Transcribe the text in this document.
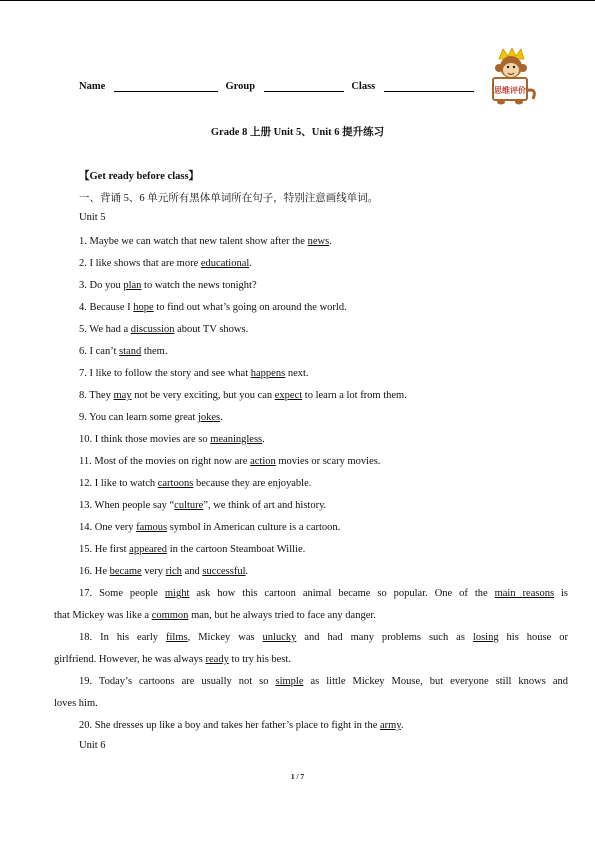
Name	Group	Class	思维评价
Grade 8 上册 Unit 5、Unit 6 提升练习
【Get ready before class】
一、背诵 5、6 单元所有黑体单词所在句子，特别注意画线单词。
Unit 5
1. Maybe we can watch that new talent show after the news.
2. I like shows that are more educational.
3. Do you plan to watch the news tonight?
4. Because I hope to find out what’s going on around the world.
5. We had a discussion about TV shows.
6. I can’t stand them.
7. I like to follow the story and see what happens next.
8. They may not be very exciting, but you can expect to learn a lot from them.
9. You can learn some great jokes.
10. I think those movies are so meaningless.
11. Most of the movies on right now are action movies or scary movies.
12. I like to watch cartoons because they are enjoyable.
13. When people say “culture”, we think of art and history.
14. One very famous symbol in American culture is a cartoon.
15. He first appeared in the cartoon Steamboat Willie.
16. He became very rich and successful.
17. Some people might ask how this cartoon animal became so popular. One of the main reasons is
that Mickey was like a common man, but he always tried to face any danger.
18. In his early films, Mickey was unlucky and had many problems such as losing his house or
girlfriend. However, he was always ready to try his best.
19. Today’s cartoons are usually not so simple as little Mickey Mouse, but everyone still knows and
loves him.
20. She dresses up like a boy and takes her father’s place to fight in the army.
Unit 6
1 / 7
